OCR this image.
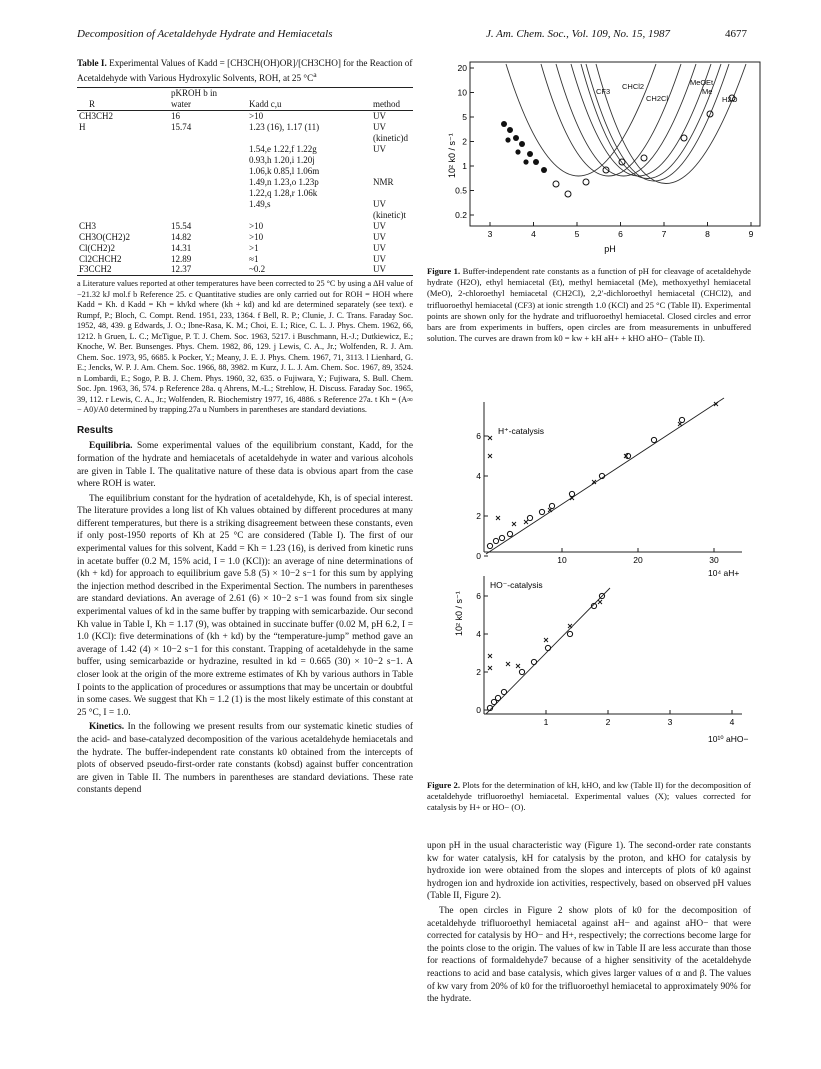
Decomposition of Acetaldehyde Hydrate and Hemiacetals	J. Am. Chem. Soc., Vol. 109, No. 15, 1987	4677
Table I. Experimental Values of Kadd = [CH3CH(OH)OR]/[CH3CHO] for the Reaction of Acetaldehyde with Various Hydroxylic Solvents, ROH, at 25 $^\circ C^a$
	pKROH b in		
R	water	Kadd c,u	method
CH3CH2	16	>10	UV
H	15.74	1.23 (16), 1.17 (11)	UV (kinetic)d
		1.54,e 1.22,f 1.22g	UV
		0.93,h 1.20,i 1.20j	
		1.06,k 0.85,l 1.06m	
		1.49,n 1.23,o 1.23p	NMR
		1.22,q 1.28,r 1.06k	
		1.49,s	UV (kinetic)t
CH3	15.54	>10	UV
CH3O(CH2)2	14.82	>10	UV
Cl(CH2)2	14.31	>1	UV
Cl2CHCH2	12.89	≈1	UV
F3CCH2	12.37	~0.2	UV
a Literature values reported at other temperatures have been corrected to 25 °C by using a ΔH value of −21.32 kJ mol.f b Reference 25. c Quantitative studies are only carried out for ROH = HOH where Kadd = Kh. d Kadd = Kh = kh/kd where (kh + kd) and kd are determined separately (see text). e Rumpf, P.; Bloch, C. Compt. Rend. 1951, 233, 1364. f Bell, R. P.; Clunie, J. C. Trans. Faraday Soc. 1952, 48, 439. g Edwards, J. O.; Ibne-Rasa, K. M.; Choi, E. I.; Rice, C. L. J. Phys. Chem. 1962, 66, 1212. h Gruen, L. C.; McTigue, P. T. J. Chem. Soc. 1963, 5217. i Buschmann, H.-J.; Dutkiewicz, E.; Knoche, W. Ber. Bunsenges. Phys. Chem. 1982, 86, 129. j Lewis, C. A., Jr.; Wolfenden, R. J. Am. Chem. Soc. 1973, 95, 6685. k Pocker, Y.; Meany, J. E. J. Phys. Chem. 1967, 71, 3113. l Lienhard, G. E.; Jencks, W. P. J. Am. Chem. Soc. 1966, 88, 3982. m Kurz, J. L. J. Am. Chem. Soc. 1967, 89, 3524. n Lombardi, E.; Sogo, P. B. J. Chem. Phys. 1960, 32, 635. o Fujiwara, Y.; Fujiwara, S. Bull. Chem. Soc. Jpn. 1963, 36, 574. p Reference 28a. q Ahrens, M.-L.; Strehlow, H. Discuss. Faraday Soc. 1965, 39, 112. r Lewis, C. A., Jr.; Wolfenden, R. Biochemistry 1977, 16, 4886. s Reference 27a. t Kh = (A∞ − A0)/A0 determined by trapping.27a u Numbers in parentheses are standard deviations.
Results

Equilibria. Some experimental values of the equilibrium constant, Kadd, for the formation of the hydrate and hemiacetals of acetaldehyde in water and various alcohols are given in Table I. The qualitative nature of these data is obvious apart from the case where ROH is water.

The equilibrium constant for the hydration of acetaldehyde, Kh, is of special interest. The literature provides a long list of Kh values obtained by different procedures at many different temperatures, but there is a striking disagreement between these constants, even if only post-1950 reports of Kh at 25 °C are considered (Table I). The first of our experimental values for this solvent, Kadd = Kh = 1.23 (16), is derived from kinetic runs in acetate buffer (0.2 M, 15% acid, I = 1.0 (KCl)): an average of nine determinations of (kh + kd) for approach to equilibrium gave 5.8 (5) × 10−2 s−1 for this sum by applying the injection method described in the Experimental Section. The numbers in parentheses are standard deviations. An average of 2.61 (6) × 10−2 s−1 was found from six single experimental values of kd in the same buffer by trapping with semicarbazide. Our second Kh value in Table I, Kh = 1.17 (9), was obtained in succinate buffer (0.02 M, pH 6.2, I = 1.0 (KCl): five determinations of (kh + kd) by the “temperature-jump” method gave an average of 1.42 (4) × 10−2 s−1 for this constant. Trapping of acetaldehyde in the same buffer, using semicarbazide or hydrazine, resulted in kd = 0.665 (30) × 10−2 s−1. A closer look at the origin of the more extreme estimates of Kh by various authors in Table I points to the application of procedures or assumptions that may be uncertain or doubtful in some cases. We suggest that Kh = 1.2 (1) is the most likely estimate of this constant at 25 °C, I = 1.0.

Kinetics. In the following we present results from our systematic kinetic studies of the acid- and base-catalyzed decomposition of the various acetaldehyde hemiacetals and the hydrate. The buffer-independent rate constants k0 obtained from the intercepts of plots of observed pseudo-first-order rate constants (kobsd) against buffer concentration are given in Table II. The numbers in parentheses are standard deviations. These rate constants depend

20
10
5
2
1
0.5
0.2
3	4	5	6	7	8	9
CF3
CHCl2
CH2Cl
MeO Et
Me
H2O
10² k0 / s⁻¹
pH
Figure 1. Buffer-independent rate constants as a function of pH for cleavage of acetaldehyde hydrate (H2O), ethyl hemiacetal (Et), methyl hemiacetal (Me), methoxyethyl hemiacetal (MeO), 2-chloroethyl hemiacetal (CH2Cl), 2,2′-dichloroethyl hemiacetal (CHCl2), and trifluoroethyl hemiacetal (CF3) at ionic strength 1.0 (KCl) and 25 °C (Table II). Experimental points are shown only for the hydrate and trifluoroethyl hemiacetal. Closed circles and error bars are from experiments in buffers, open circles are from measurements in unbuffered solution. The curves are drawn from k0 = kw + kH aH+ + kHO aHO− (Table II).
10² k0 / s⁻¹
6
4
2
0	10	20	30
H⁺-catalysis
10⁴ aH+
6
4
2
0
1	2	3	4
HO⁻-catalysis
10¹⁰ aHO−
Figure 2. Plots for the determination of kH, kHO, and kw (Table II) for the decomposition of acetaldehyde trifluoroethyl hemiacetal. Experimental values (X); values corrected for catalysis by H+ or HO− (O).

upon pH in the usual characteristic way (Figure 1). The second-order rate constants kw for water catalysis, kH for catalysis by the proton, and kHO for catalysis by hydroxide ion were obtained from the slopes and intercepts of plots of k0 against hydrogen ion and hydroxide ion activities, respectively, based on observed pH values (Table II, Figure 2).

The open circles in Figure 2 show plots of k0 for the decomposition of acetaldehyde trifluoroethyl hemiacetal against aH− and against aHO− that were corrected for catalysis by HO− and H+, respectively; the corrections become large for the points close to the origin. The values of kw in Table II are less accurate than those for reactions of formaldehyde7 because of a higher sensitivity of the acetaldehyde reactions to acid and base catalysis, which gives larger values of α and β. The values of kw vary from 20% of k0 for the trifluoroethyl hemiacetal to approximately 90% for the hydrate.
